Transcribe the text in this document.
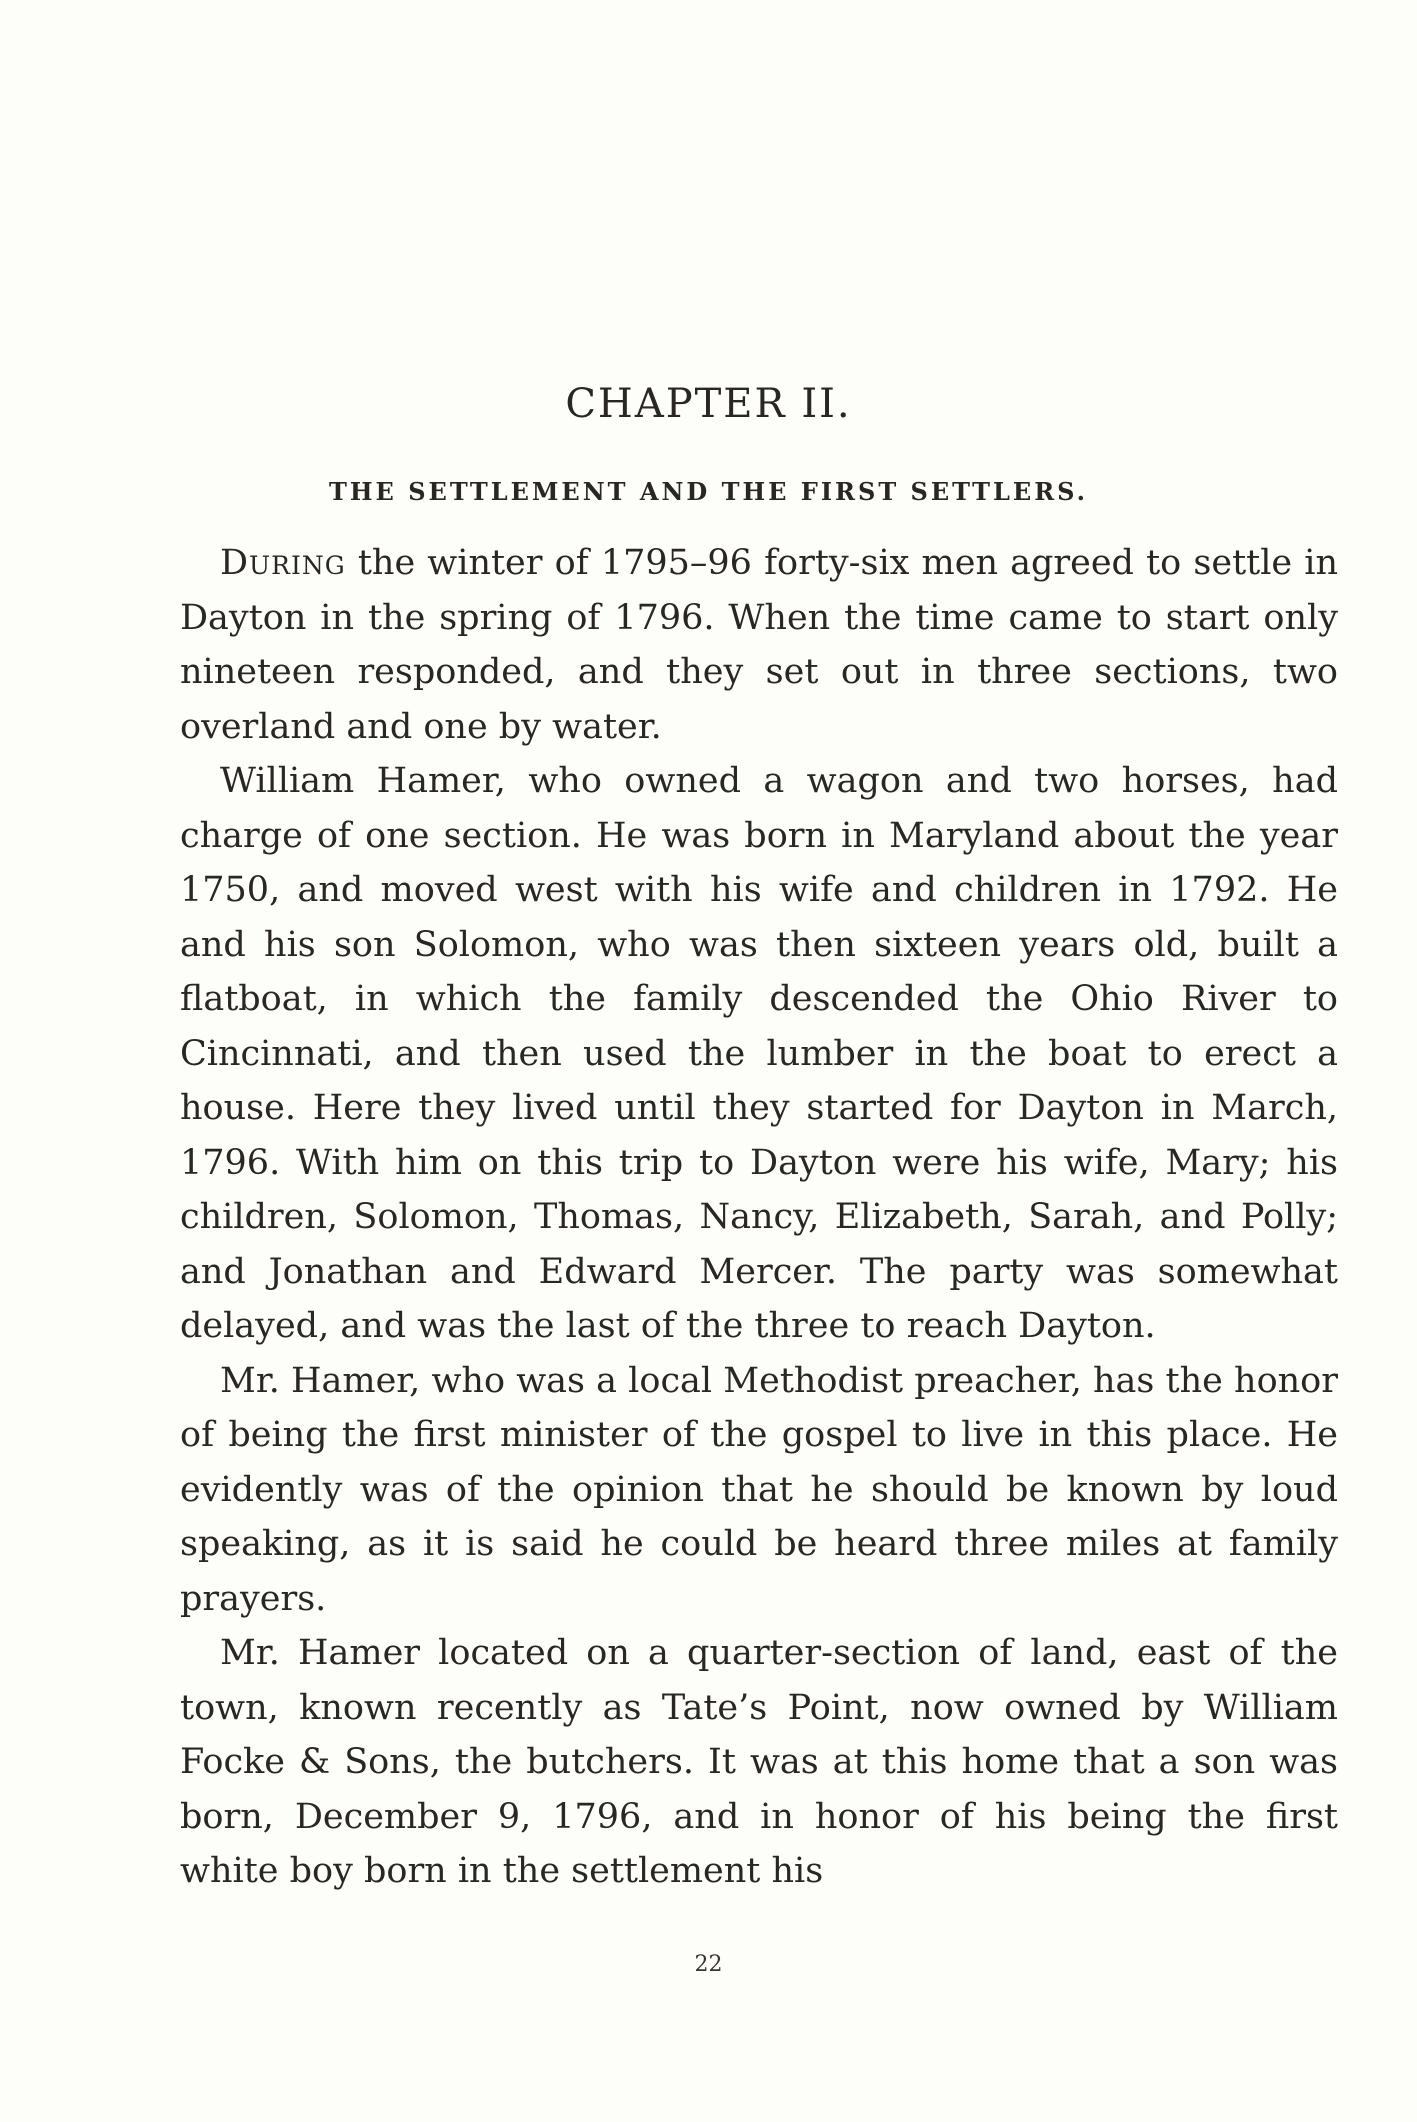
CHAPTER II.
THE SETTLEMENT AND THE FIRST SETTLERS.

During the winter of 1795–96 forty-six men agreed to settle in Dayton in the spring of 1796. When the time came to start only nineteen responded, and they set out in three sections, two overland and one by water.

William Hamer, who owned a wagon and two horses, had charge of one section. He was born in Maryland about the year 1750, and moved west with his wife and children in 1792. He and his son Solomon, who was then sixteen years old, built a flatboat, in which the family descended the Ohio River to Cincinnati, and then used the lumber in the boat to erect a house. Here they lived until they started for Dayton in March, 1796. With him on this trip to Dayton were his wife, Mary; his children, Solomon, Thomas, Nancy, Elizabeth, Sarah, and Polly; and Jonathan and Edward Mercer. The party was somewhat delayed, and was the last of the three to reach Dayton.

Mr. Hamer, who was a local Methodist preacher, has the honor of being the first minister of the gospel to live in this place. He evidently was of the opinion that he should be known by loud speaking, as it is said he could be heard three miles at family prayers.

Mr. Hamer located on a quarter-section of land, east of the town, known recently as Tate’s Point, now owned by William Focke & Sons, the butchers. It was at this home that a son was born, December 9, 1796, and in honor of his being the first white boy born in the settlement his

22
